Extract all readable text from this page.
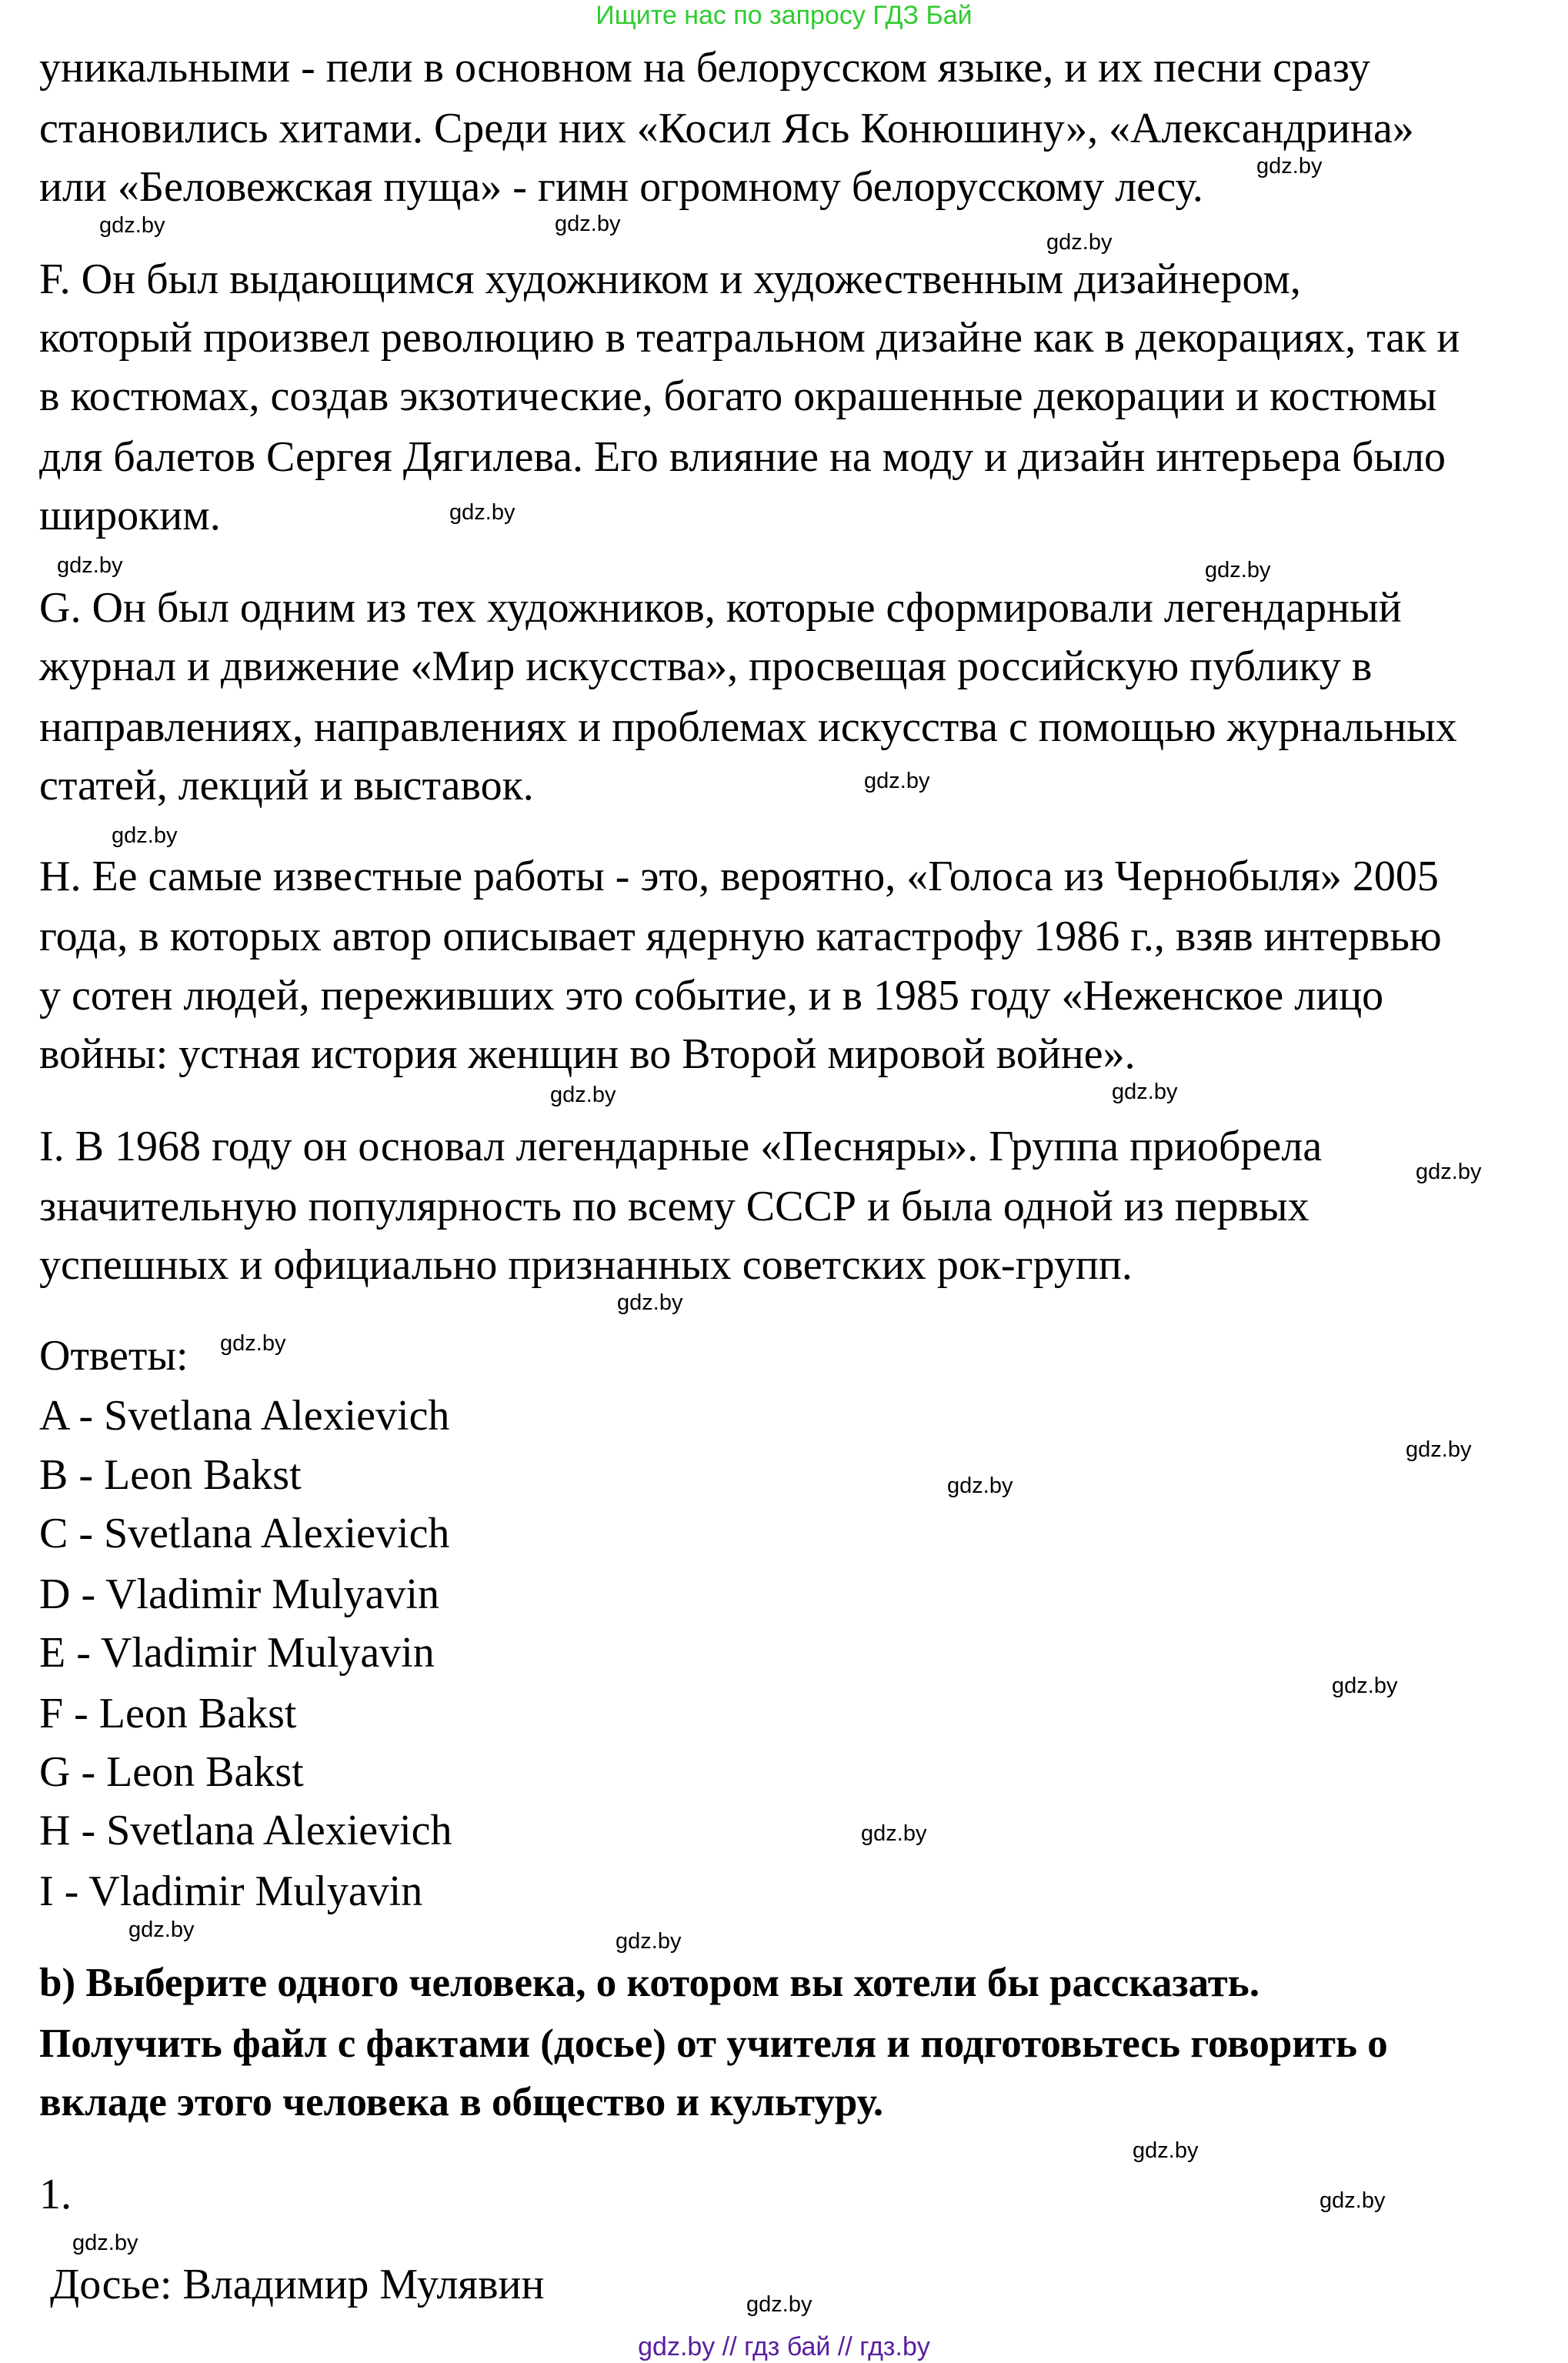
Ищите нас по запросу ГДЗ Бай
уникальными - пели в основном на белорусском языке, и их песни сразу
становились хитами. Среди них «Косил Ясь Конюшину», «Александрина»
или «Беловежская пуща» - гимн огромному белорусскому лесу.
F. Он был выдающимся художником и художественным дизайнером,
который произвел революцию в театральном дизайне как в декорациях, так и
в костюмах, создав экзотические, богато окрашенные декорации и костюмы
для балетов Сергея Дягилева. Его влияние на моду и дизайн интерьера было
широким.
G. Он был одним из тех художников, которые сформировали легендарный
журнал и движение «Мир искусства», просвещая российскую публику в
направлениях, направлениях и проблемах искусства с помощью журнальных
статей, лекций и выставок.
H. Ее самые известные работы - это, вероятно, «Голоса из Чернобыля» 2005
года, в которых автор описывает ядерную катастрофу 1986 г., взяв интервью
у сотен людей, переживших это событие, и в 1985 году «Неженское лицо
войны: устная история женщин во Второй мировой войне».
I. В 1968 году он основал легендарные «Песняры». Группа приобрела
значительную популярность по всему СССР и была одной из первых
успешных и официально признанных советских рок-групп.
Ответы:
A - Svetlana Alexievich
B - Leon Bakst
C - Svetlana Alexievich
D - Vladimir Mulyavin
E - Vladimir Mulyavin
F - Leon Bakst
G - Leon Bakst
H - Svetlana Alexievich
I - Vladimir Mulyavin
b) Выберите одного человека, о котором вы хотели бы рассказать.
Получить файл с фактами (досье) от учителя и подготовьтесь говорить о
вкладе этого человека в общество и культуру.
1.
Досье: Владимир Мулявин
gdz.by
gdz.by
gdz.by
gdz.by
gdz.by
gdz.by	gdz.by
gdz.by
gdz.by
gdz.by
gdz.by
gdz.by
gdz.by
gdz.by
gdz.by
gdz.by
gdz.by
gdz.by
gdz.by
gdz.by
gdz.by
gdz.by
gdz.by
gdz.by
gdz.by // гдз бай // гдз.by
